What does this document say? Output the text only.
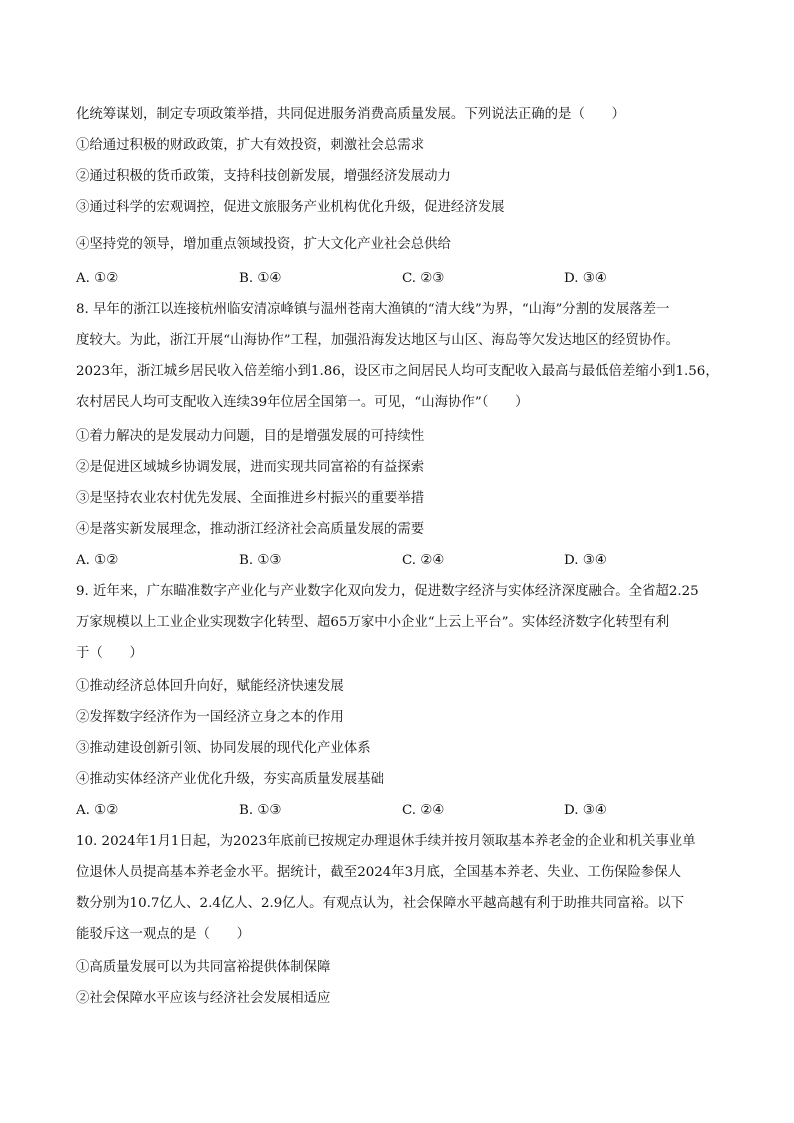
化统筹谋划，制定专项政策举措，共同促进服务消费高质量发展。下列说法正确的是（　　）
①给通过积极的财政政策，扩大有效投资，刺激社会总需求
②通过积极的货币政策，支持科技创新发展，增强经济发展动力
③通过科学的宏观调控，促进文旅服务产业机构优化升级，促进经济发展
④坚持党的领导，增加重点领域投资，扩大文化产业社会总供给
A. ①②	B. ①④	C. ②③	D. ③④
8. 早年的浙江以连接杭州临安清凉峰镇与温州苍南大渔镇的“清大线”为界，“山海”分割的发展落差一
度较大。为此，浙江开展“山海协作”工程，加强沿海发达地区与山区、海岛等欠发达地区的经贸协作。
2023年，浙江城乡居民收入倍差缩小到1.86，设区市之间居民人均可支配收入最高与最低倍差缩小到1.56，
农村居民人均可支配收入连续39年位居全国第一。可见，“山海协作”（　　）
①着力解决的是发展动力问题，目的是增强发展的可持续性
②是促进区域城乡协调发展，进而实现共同富裕的有益探索
③是坚持农业农村优先发展、全面推进乡村振兴的重要举措
④是落实新发展理念，推动浙江经济社会高质量发展的需要
A. ①②	B. ①③	C. ②④	D. ③④
9. 近年来，广东瞄准数字产业化与产业数字化双向发力，促进数字经济与实体经济深度融合。全省超2.25
万家规模以上工业企业实现数字化转型、超65万家中小企业“上云上平台”。实体经济数字化转型有利
于（　　）
①推动经济总体回升向好，赋能经济快速发展
②发挥数字经济作为一国经济立身之本的作用
③推动建设创新引领、协同发展的现代化产业体系
④推动实体经济产业优化升级，夯实高质量发展基础
A. ①②	B. ①③	C. ②④	D. ③④
10. 2024年1月1日起，为2023年底前已按规定办理退休手续并按月领取基本养老金的企业和机关事业单
位退休人员提高基本养老金水平。据统计，截至2024年3月底，全国基本养老、失业、工伤保险参保人
数分别为10.7亿人、2.4亿人、2.9亿人。有观点认为，社会保障水平越高越有利于助推共同富裕。以下
能驳斥这一观点的是（　　）
①高质量发展可以为共同富裕提供体制保障
②社会保障水平应该与经济社会发展相适应
